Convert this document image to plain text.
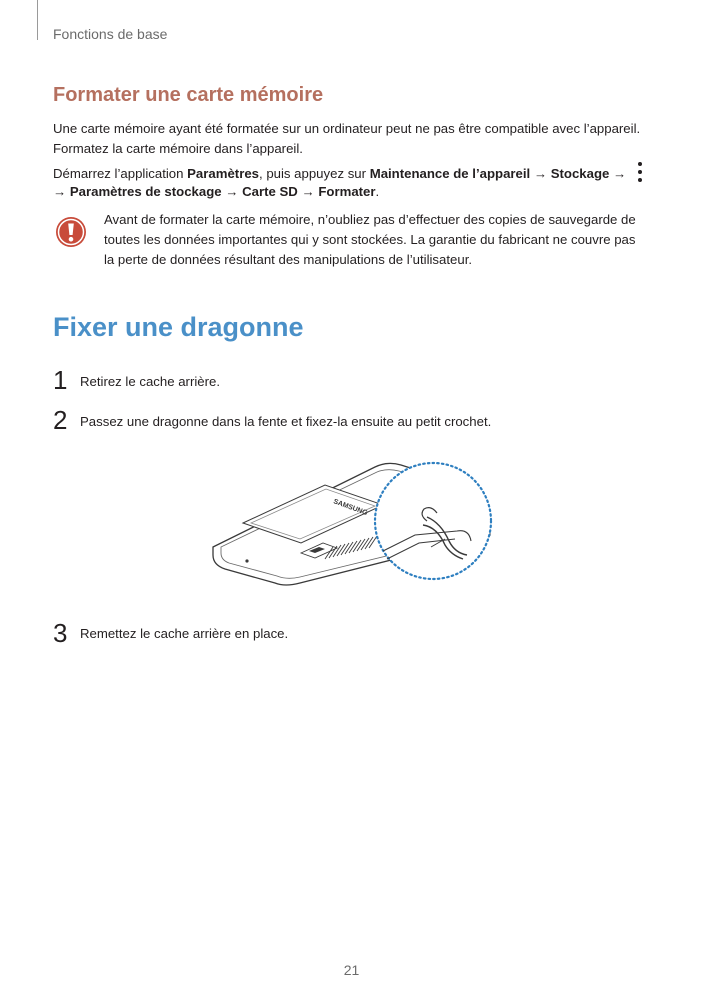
Fonctions de base
Formater une carte mémoire

Une carte mémoire ayant été formatée sur un ordinateur peut ne pas être compatible avec l’appareil. Formatez la carte mémoire dans l’appareil.

Démarrez l’application Paramètres, puis appuyez sur Maintenance de l’appareil → Stockage →

→ Paramètres de stockage → Carte SD → Formater.

Avant de formater la carte mémoire, n’oubliez pas d’effectuer des copies de sauvegarde de toutes les données importantes qui y sont stockées. La garantie du fabricant ne couvre pas la perte de données résultant des manipulations de l’utilisateur.
Fixer une dragonne
1 Retirez le cache arrière.
2 Passez une dragonne dans la fente et fixez-la ensuite au petit crochet.
SAMSUNG
3 Remettez le cache arrière en place.
21
